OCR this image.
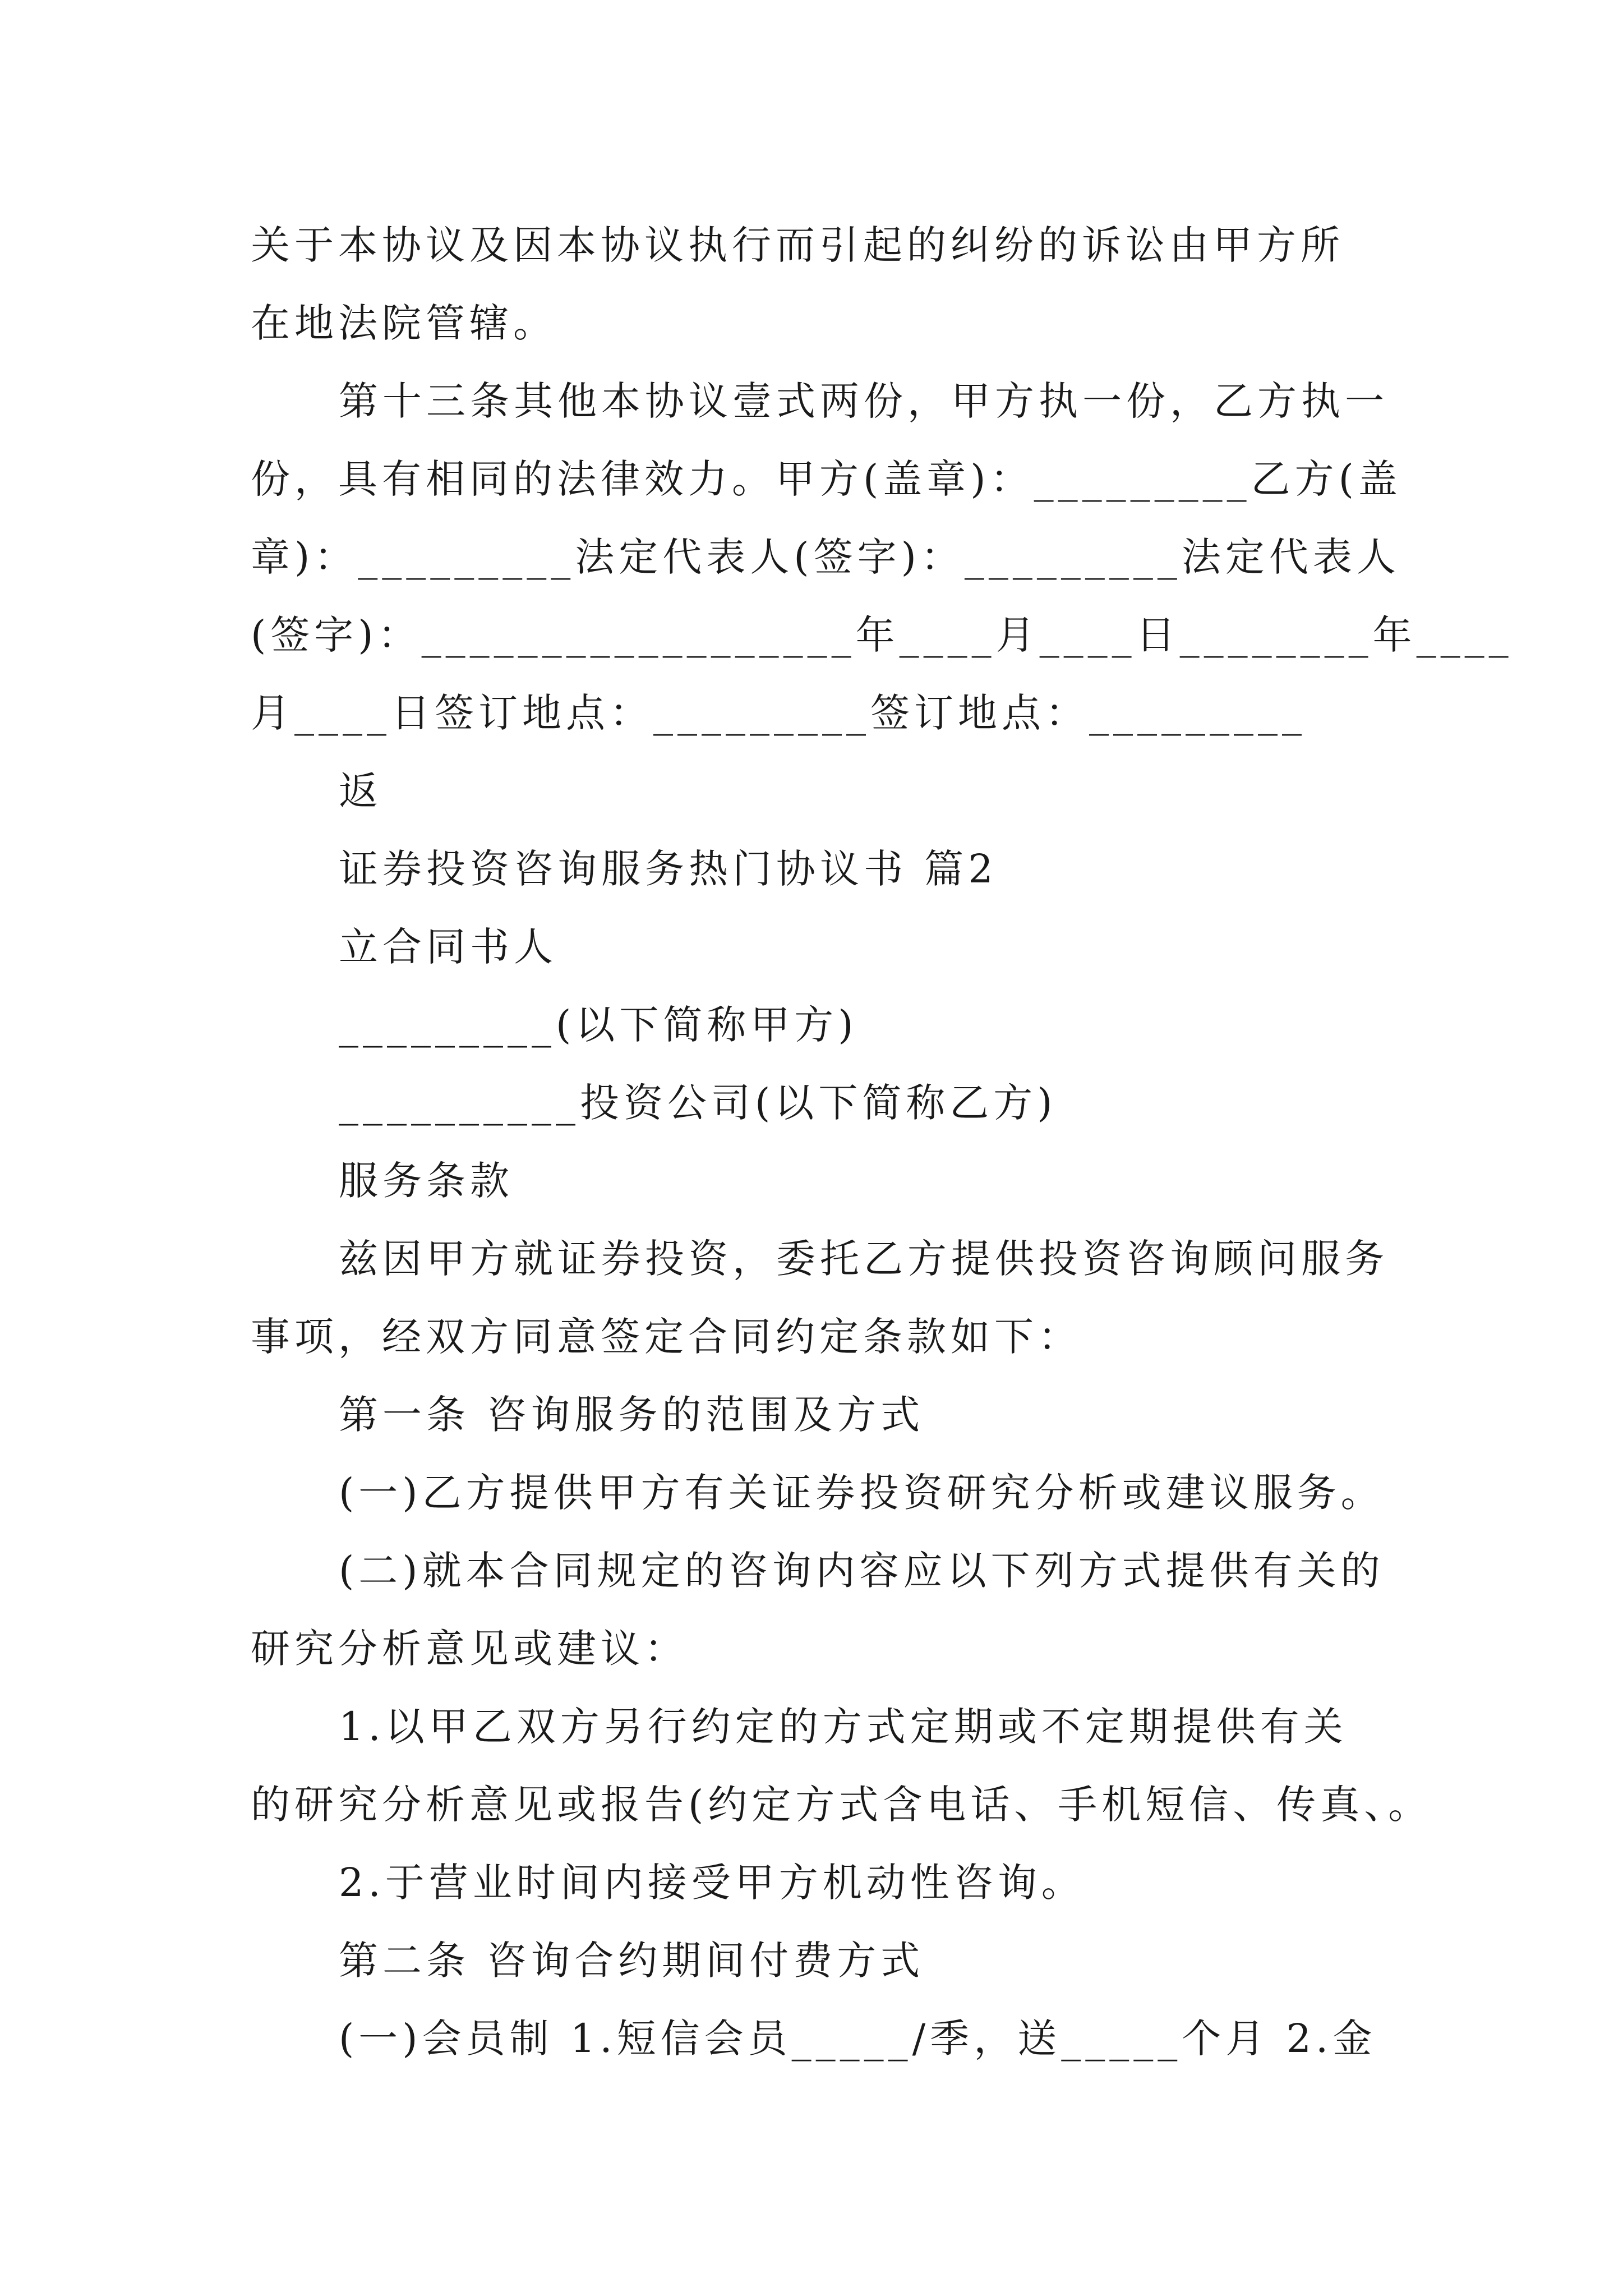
关于本协议及因本协议执行而引起的纠纷的诉讼由甲方所
在地法院管辖。
第十三条其他本协议壹式两份，甲方执一份，乙方执一
份，具有相同的法律效力。甲方(盖章)：_________乙方(盖
章)：_________法定代表人(签字)：_________法定代表人
(签字)：__________________年____月____日________年____
月____日签订地点：_________签订地点：_________
返
证券投资咨询服务热门协议书 篇2
立合同书人
_________(以下简称甲方)
__________投资公司(以下简称乙方)
服务条款
兹因甲方就证券投资，委托乙方提供投资咨询顾问服务
事项，经双方同意签定合同约定条款如下：
第一条 咨询服务的范围及方式
(一)乙方提供甲方有关证券投资研究分析或建议服务。
(二)就本合同规定的咨询内容应以下列方式提供有关的
研究分析意见或建议：
1.以甲乙双方另行约定的方式定期或不定期提供有关
的研究分析意见或报告(约定方式含电话、手机短信、传真、。
2.于营业时间内接受甲方机动性咨询。
第二条 咨询合约期间付费方式
(一)会员制 1.短信会员_____/季，送_____个月 2.金
